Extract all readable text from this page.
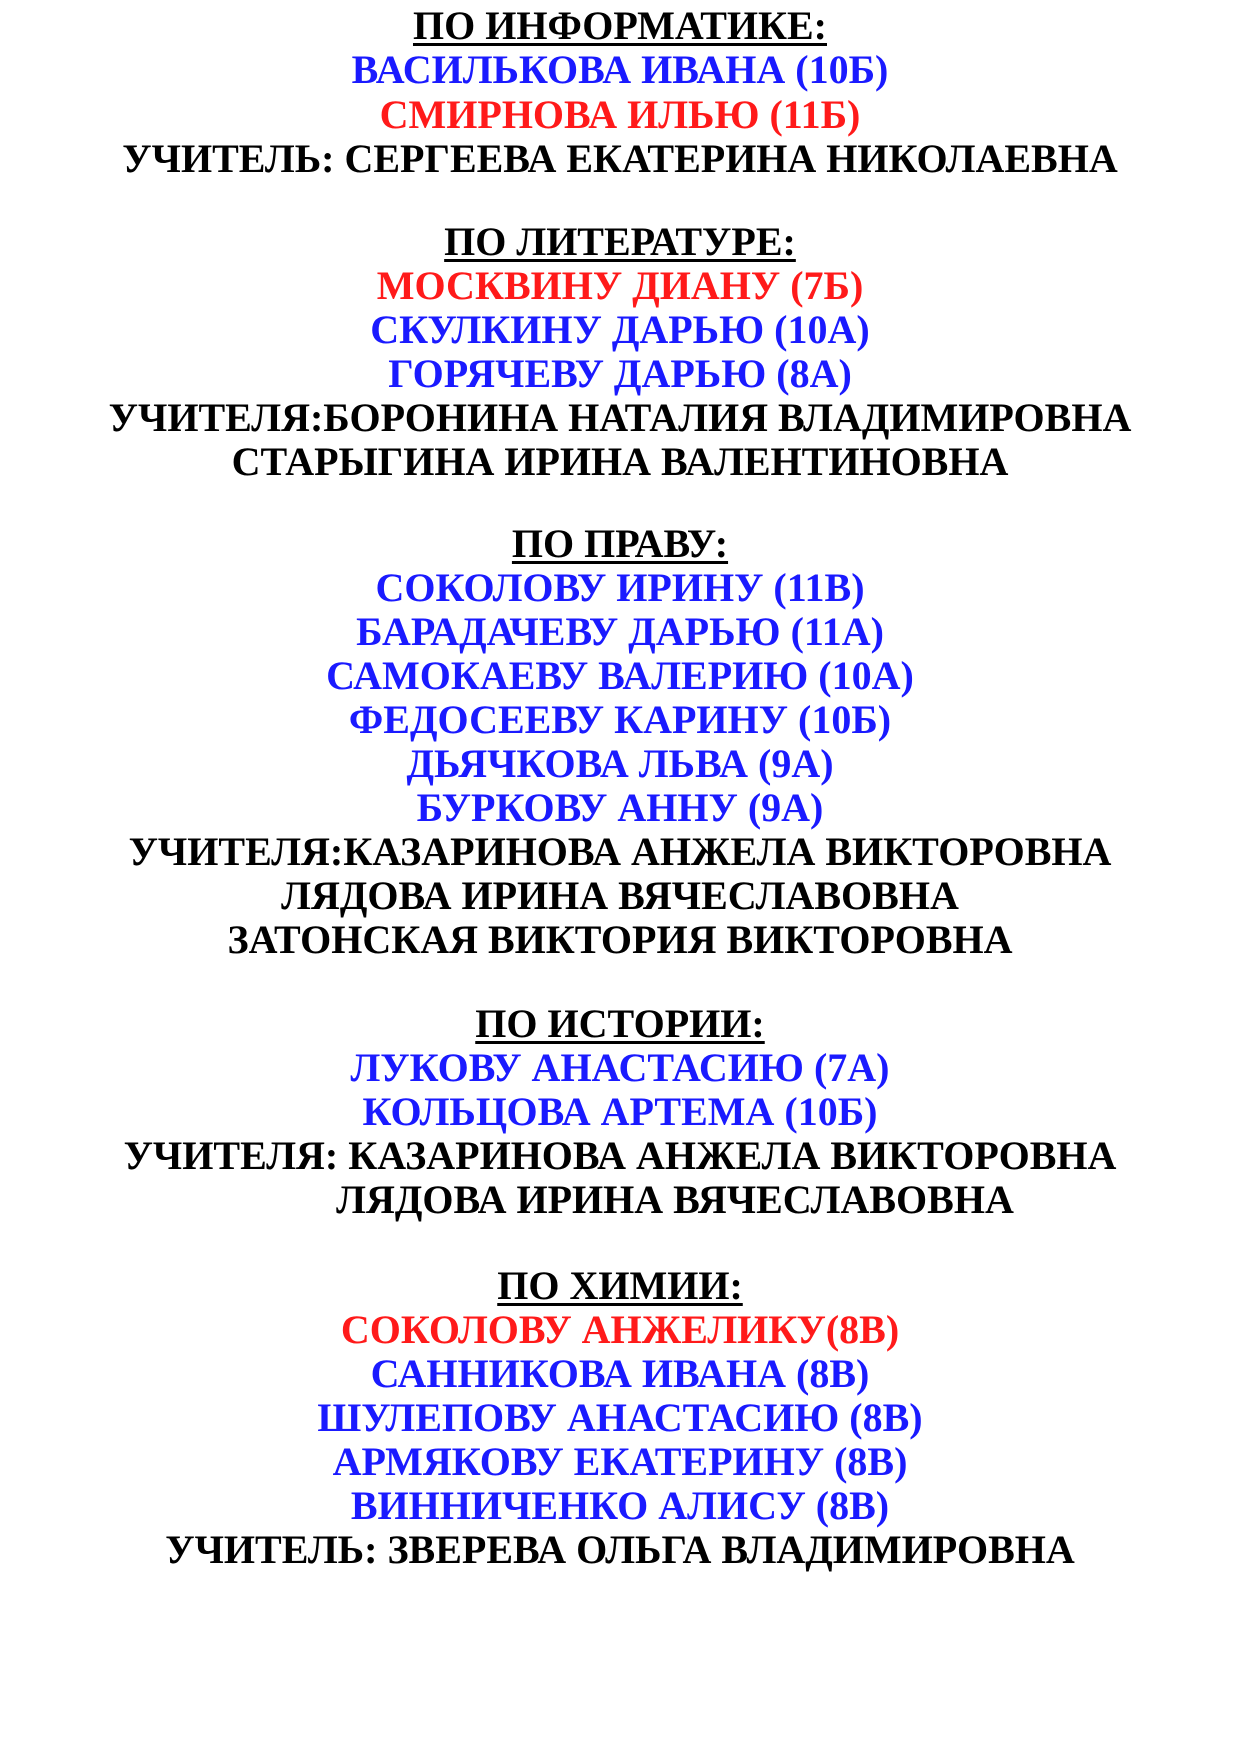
ПО ИНФОРМАТИКЕ:
ВАСИЛЬКОВА ИВАНА (10Б)
СМИРНОВА ИЛЬЮ (11Б)
УЧИТЕЛЬ: СЕРГЕЕВА ЕКАТЕРИНА НИКОЛАЕВНА
ПО ЛИТЕРАТУРЕ:
МОСКВИНУ ДИАНУ (7Б)
СКУЛКИНУ ДАРЬЮ (10А)
ГОРЯЧЕВУ ДАРЬЮ (8А)
УЧИТЕЛЯ:БОРОНИНА НАТАЛИЯ ВЛАДИМИРОВНА
СТАРЫГИНА ИРИНА ВАЛЕНТИНОВНА
ПО ПРАВУ:
СОКОЛОВУ ИРИНУ (11В)
БАРАДАЧЕВУ ДАРЬЮ (11А)
САМОКАЕВУ ВАЛЕРИЮ (10А)
ФЕДОСЕЕВУ КАРИНУ (10Б)
ДЬЯЧКОВА ЛЬВА (9А)
БУРКОВУ АННУ (9А)
УЧИТЕЛЯ:КАЗАРИНОВА АНЖЕЛА ВИКТОРОВНА
ЛЯДОВА ИРИНА ВЯЧЕСЛАВОВНА
ЗАТОНСКАЯ ВИКТОРИЯ ВИКТОРОВНА
ПО ИСТОРИИ:
ЛУКОВУ АНАСТАСИЮ (7А)
КОЛЬЦОВА АРТЕМА (10Б)
УЧИТЕЛЯ: КАЗАРИНОВА АНЖЕЛА ВИКТОРОВНА
ЛЯДОВА ИРИНА ВЯЧЕСЛАВОВНА
ПО ХИМИИ:
СОКОЛОВУ АНЖЕЛИКУ(8В)
САННИКОВА ИВАНА (8В)
ШУЛЕПОВУ АНАСТАСИЮ (8В)
АРМЯКОВУ ЕКАТЕРИНУ (8В)
ВИННИЧЕНКО АЛИСУ (8В)
УЧИТЕЛЬ: ЗВЕРЕВА ОЛЬГА ВЛАДИМИРОВНА
